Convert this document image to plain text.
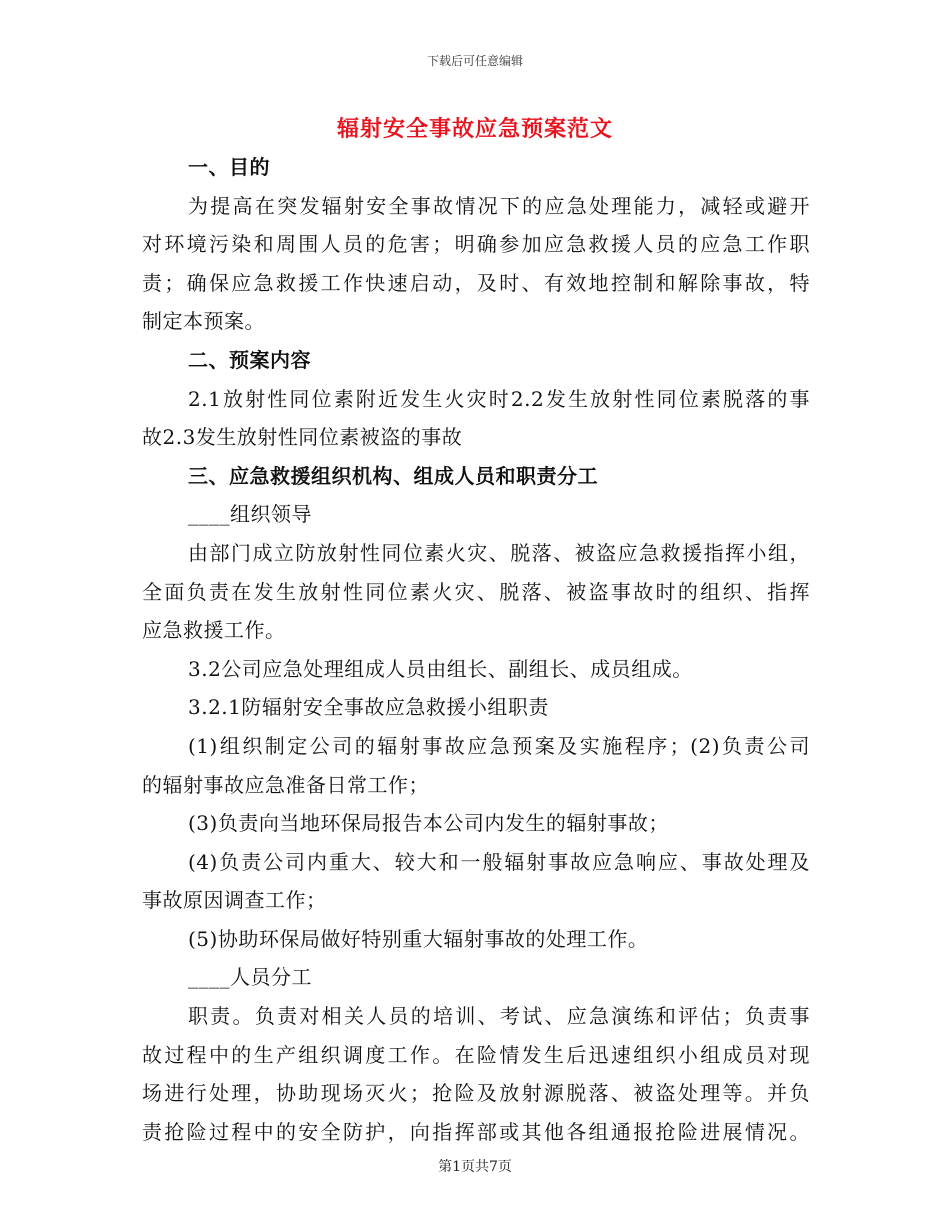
下载后可任意编辑
辐射安全事故应急预案范文
一、目的
为提高在突发辐射安全事故情况下的应急处理能力，减轻或避开
对环境污染和周围人员的危害；明确参加应急救援人员的应急工作职
责；确保应急救援工作快速启动，及时、有效地控制和解除事故，特
制定本预案。
二、预案内容
2.1放射性同位素附近发生火灾时2.2发生放射性同位素脱落的事
故2.3发生放射性同位素被盗的事故
三、应急救援组织机构、组成人员和职责分工
____组织领导
由部门成立防放射性同位素火灾、脱落、被盗应急救援指挥小组，
全面负责在发生放射性同位素火灾、脱落、被盗事故时的组织、指挥
应急救援工作。
3.2公司应急处理组成人员由组长、副组长、成员组成。
3.2.1防辐射安全事故应急救援小组职责
(1)组织制定公司的辐射事故应急预案及实施程序；(2)负责公司
的辐射事故应急准备日常工作；
(3)负责向当地环保局报告本公司内发生的辐射事故；
(4)负责公司内重大、较大和一般辐射事故应急响应、事故处理及
事故原因调查工作；
(5)协助环保局做好特别重大辐射事故的处理工作。
____人员分工
职责。负责对相关人员的培训、考试、应急演练和评估；负责事
故过程中的生产组织调度工作。在险情发生后迅速组织小组成员对现
场进行处理，协助现场灭火；抢险及放射源脱落、被盗处理等。并负
责抢险过程中的安全防护，向指挥部或其他各组通报抢险进展情况。
第1页共7页
